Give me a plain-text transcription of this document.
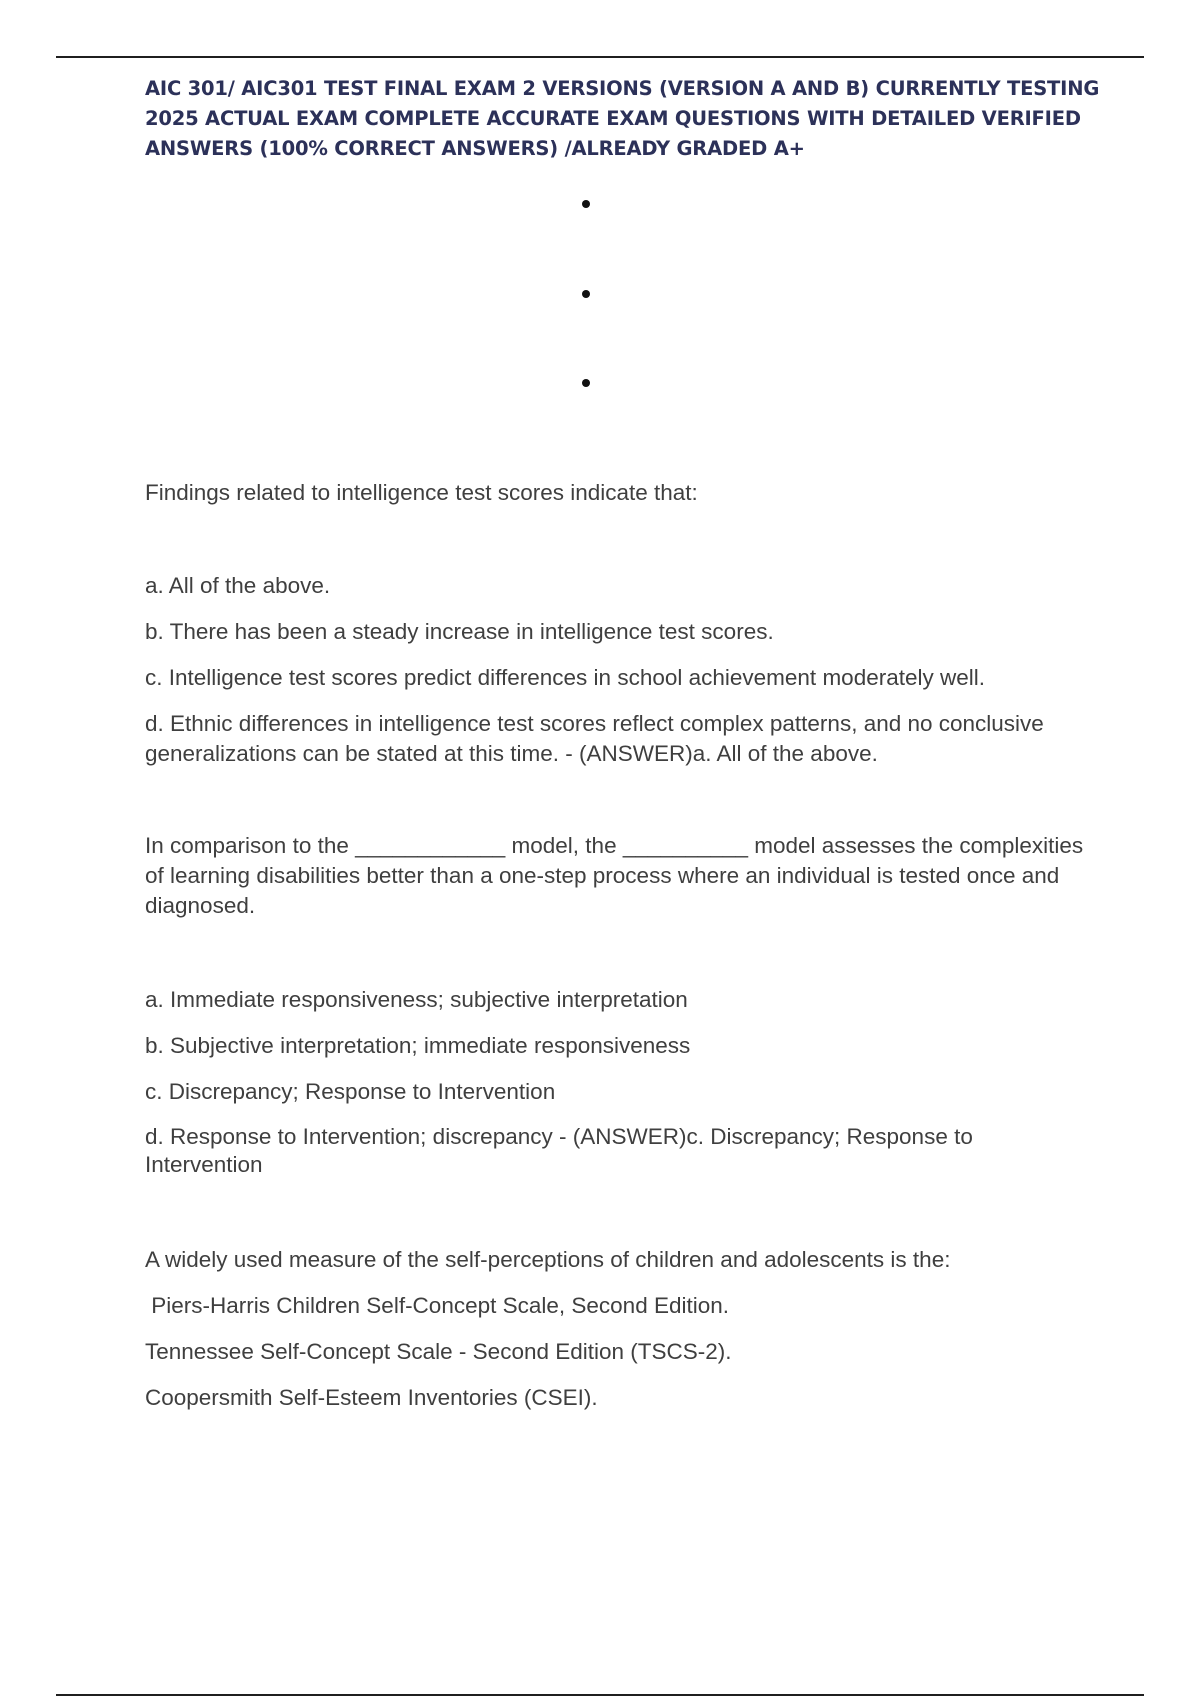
AIC 301/ AIC301 TEST FINAL EXAM 2 VERSIONS (VERSION A AND B) CURRENTLY TESTING 2025 ACTUAL EXAM COMPLETE ACCURATE EXAM QUESTIONS WITH DETAILED VERIFIED ANSWERS (100% CORRECT ANSWERS) /ALREADY GRADED A+

Findings related to intelligence test scores indicate that:

a. All of the above.

b. There has been a steady increase in intelligence test scores.

c. Intelligence test scores predict differences in school achievement moderately well.

d. Ethnic differences in intelligence test scores reflect complex patterns, and no conclusive generalizations can be stated at this time. - (ANSWER)a. All of the above.

In comparison to the ____________ model, the __________ model assesses the complexities of learning disabilities better than a one-step process where an individual is tested once and diagnosed.

a. Immediate responsiveness; subjective interpretation

b. Subjective interpretation; immediate responsiveness

c. Discrepancy; Response to Intervention

d. Response to Intervention; discrepancy - (ANSWER)c. Discrepancy; Response to Intervention

A widely used measure of the self-perceptions of children and adolescents is the:

Piers-Harris Children Self-Concept Scale, Second Edition.

Tennessee Self-Concept Scale - Second Edition (TSCS-2).

Coopersmith Self-Esteem Inventories (CSEI).
